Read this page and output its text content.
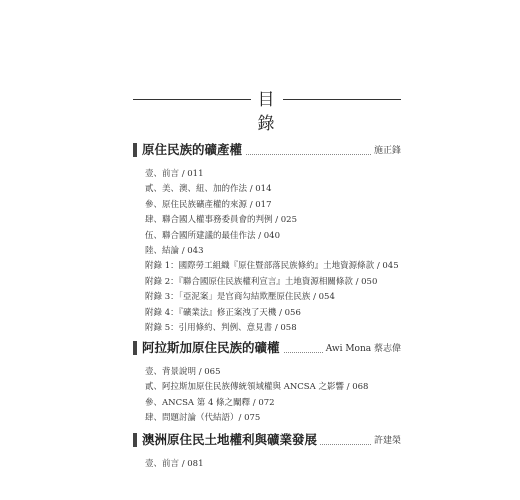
目錄
原住民族的礦產權	施正鋒
壹、前言 / 011
貳、美、澳、紐、加的作法 / 014
參、原住民族礦產權的來源 / 017
肆、聯合國人權事務委員會的判例 / 025
伍、聯合國所建議的最佳作法 / 040
陸、結論 / 043
附錄 1：國際勞工組織『原住暨部落民族條約』土地資源條款 / 045
附錄 2：『聯合國原住民族權利宣言』土地資源相關條款 / 050
附錄 3：「亞泥案」是官商勾結欺壓原住民族 / 054
附錄 4：『礦業法』修正案洩了天機 / 056
附錄 5：引用條約、判例、意見書 / 058
阿拉斯加原住民族的礦權	Awi Mona 蔡志偉
壹、背景說明 / 065
貳、阿拉斯加原住民族傳統領域權與 ANCSA 之影響 / 068
參、ANCSA 第 4 條之闡釋 / 072
肆、問題討論（代結語）/ 075
澳洲原住民土地權利與礦業發展	許建榮
壹、前言 / 081
